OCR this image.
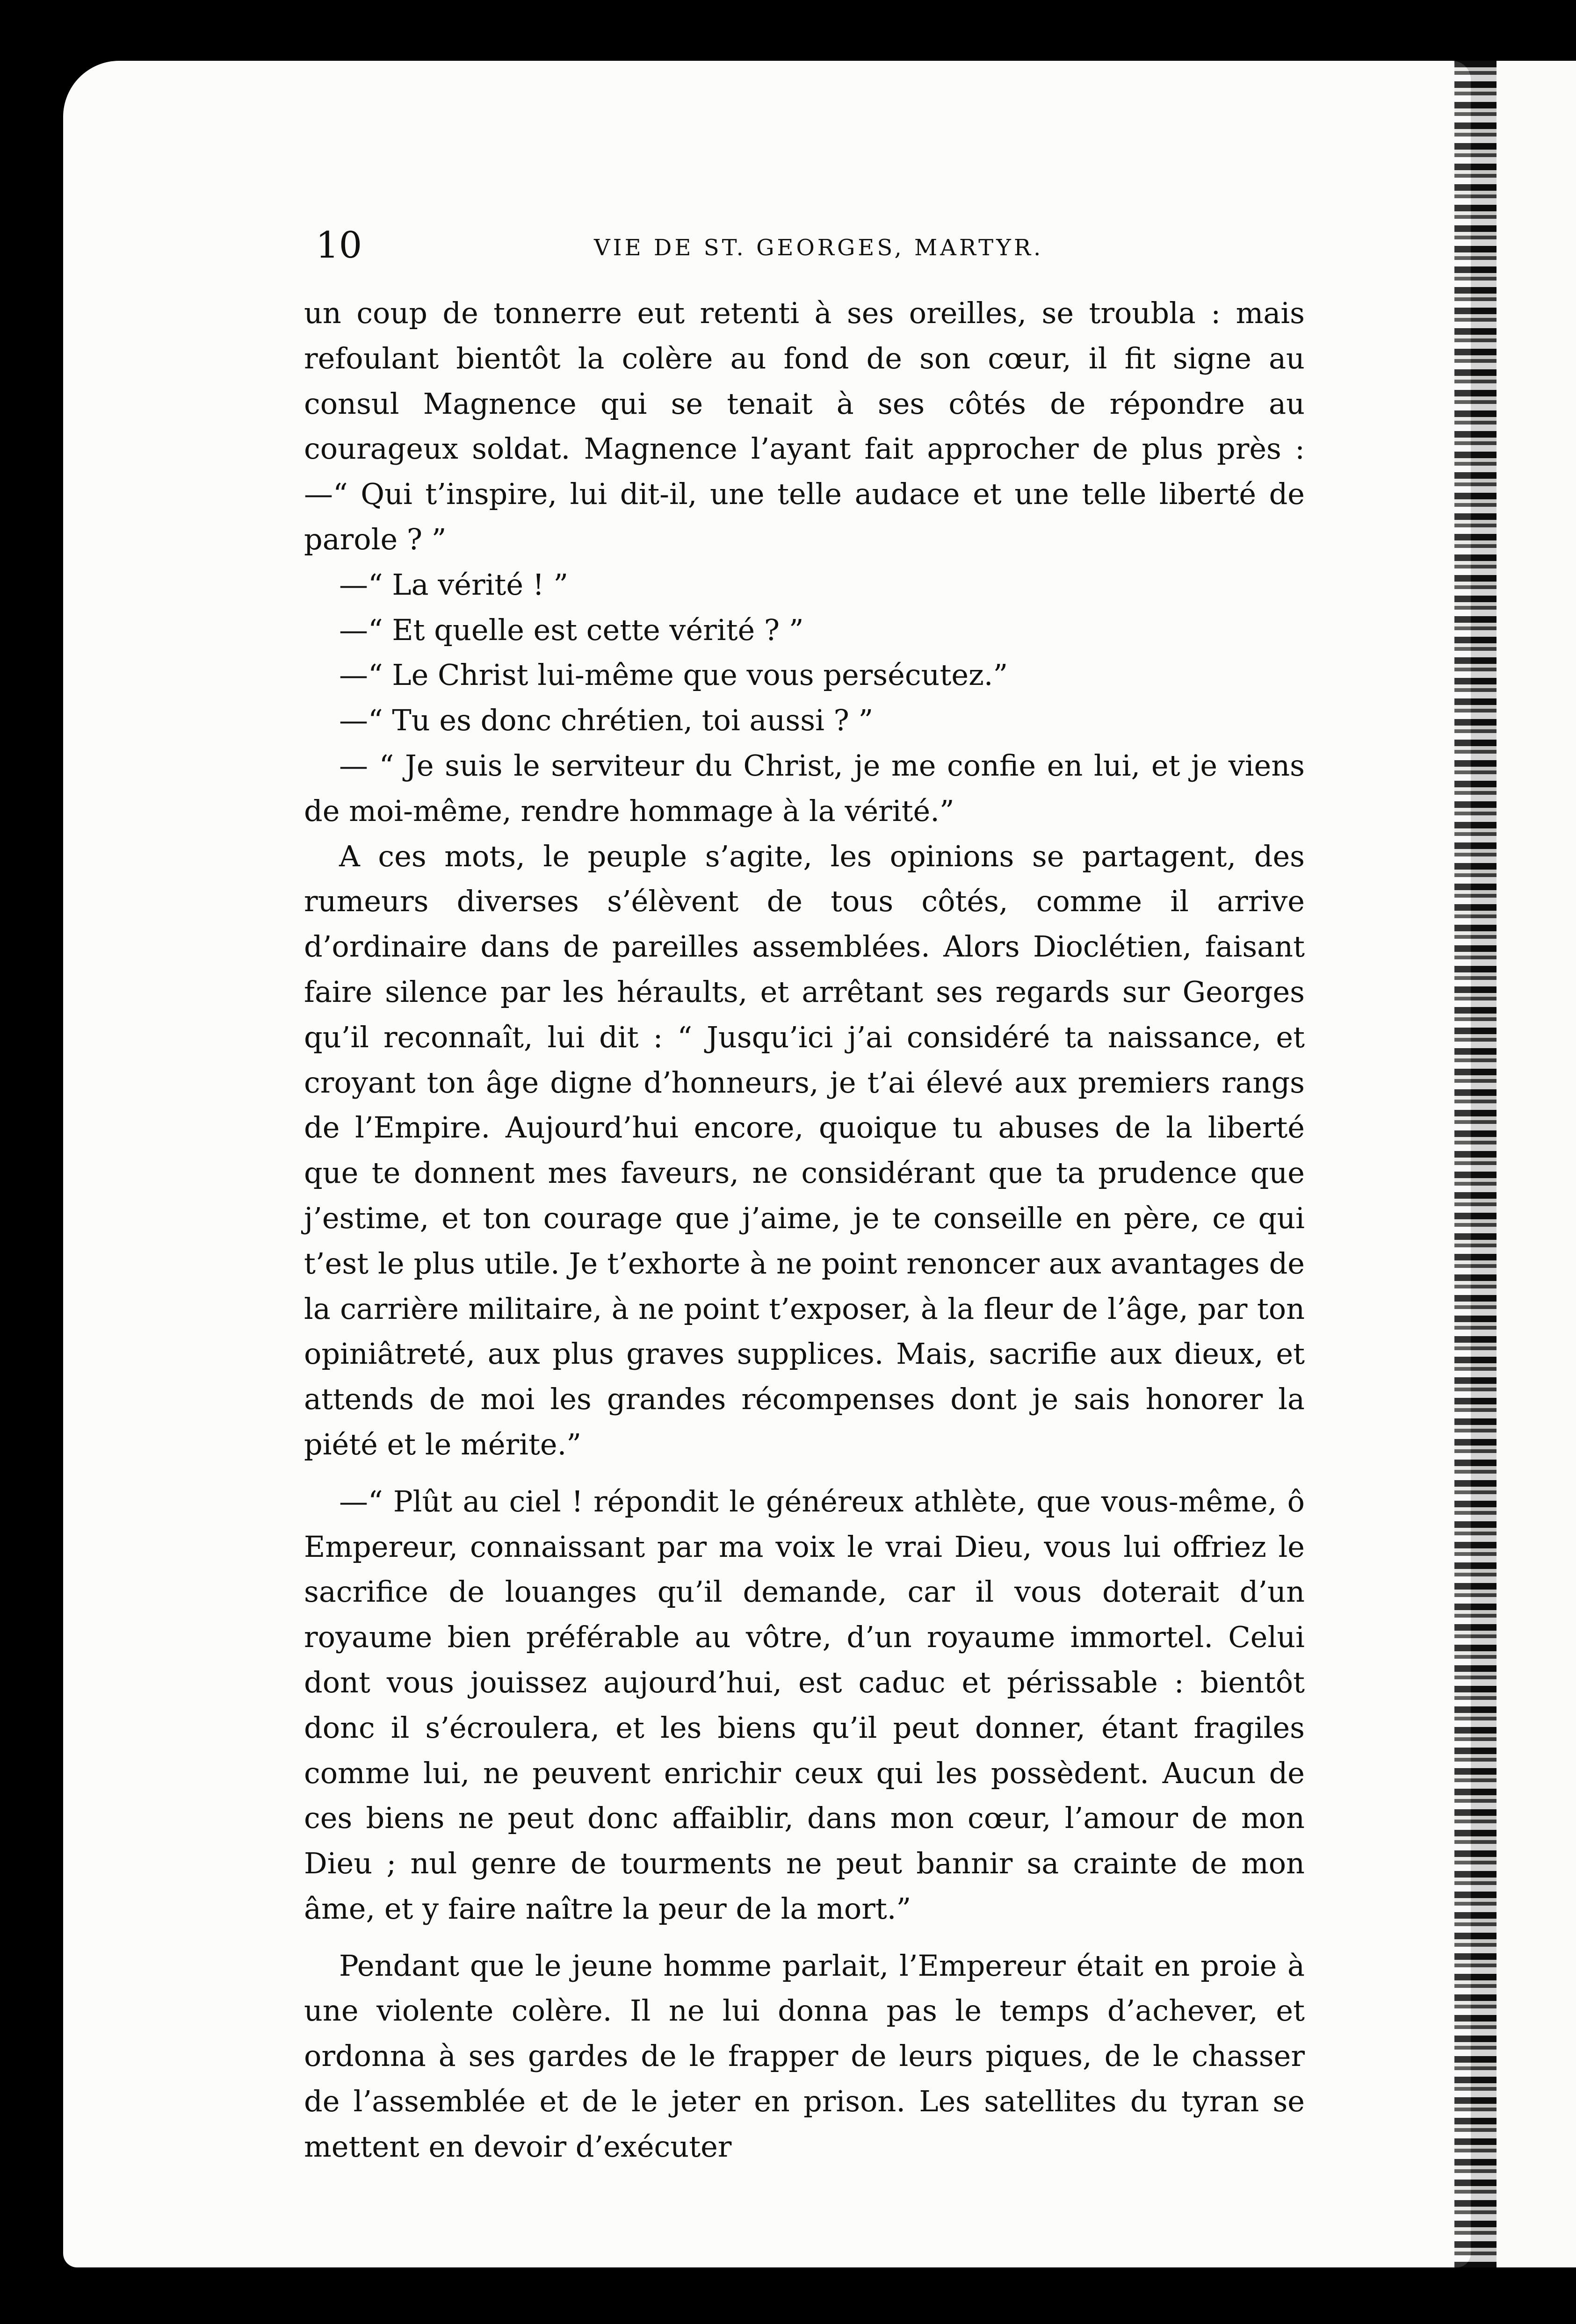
10	VIE DE ST. GEORGES, MARTYR.

un coup de tonnerre eut retenti à ses oreilles, se troubla : mais refoulant bientôt la colère au fond de son cœur, il fit signe au consul Magnence qui se tenait à ses côtés de répondre au courageux soldat. Magnence l’ayant fait approcher de plus près :—“ Qui t’inspire, lui dit-il, une telle audace et une telle liberté de parole ? ”

—“ La vérité ! ”

—“ Et quelle est cette vérité ? ”

—“ Le Christ lui-même que vous persécutez.”

—“ Tu es donc chrétien, toi aussi ? ”

— “ Je suis le serviteur du Christ, je me confie en lui, et je viens de moi-même, rendre hommage à la vérité.”

A ces mots, le peuple s’agite, les opinions se partagent, des rumeurs diverses s’élèvent de tous côtés, comme il arrive d’ordinaire dans de pareilles assemblées. Alors Dioclétien, faisant faire silence par les héraults, et arrêtant ses regards sur Georges qu’il reconnaît, lui dit : “ Jusqu’ici j’ai considéré ta naissance, et croyant ton âge digne d’honneurs, je t’ai élevé aux premiers rangs de l’Empire. Aujourd’hui encore, quoique tu abuses de la liberté que te donnent mes faveurs, ne considérant que ta prudence que j’estime, et ton courage que j’aime, je te conseille en père, ce qui t’est le plus utile. Je t’exhorte à ne point renoncer aux avantages de la carrière militaire, à ne point t’exposer, à la fleur de l’âge, par ton opiniâtreté, aux plus graves supplices. Mais, sacrifie aux dieux, et attends de moi les grandes récompenses dont je sais honorer la piété et le mérite.”

—“ Plût au ciel ! répondit le généreux athlète, que vous-même, ô Empereur, connaissant par ma voix le vrai Dieu, vous lui offriez le sacrifice de louanges qu’il demande, car il vous doterait d’un royaume bien préférable au vôtre, d’un royaume immortel. Celui dont vous jouissez aujourd’hui, est caduc et périssable : bientôt donc il s’écroulera, et les biens qu’il peut donner, étant fragiles comme lui, ne peuvent enrichir ceux qui les possèdent. Aucun de ces biens ne peut donc affaiblir, dans mon cœur, l’amour de mon Dieu ; nul genre de tourments ne peut bannir sa crainte de mon âme, et y faire naître la peur de la mort.”

Pendant que le jeune homme parlait, l’Empereur était en proie à une violente colère. Il ne lui donna pas le temps d’achever, et ordonna à ses gardes de le frapper de leurs piques, de le chasser de l’assemblée et de le jeter en prison. Les satellites du tyran se mettent en devoir d’exécuter
